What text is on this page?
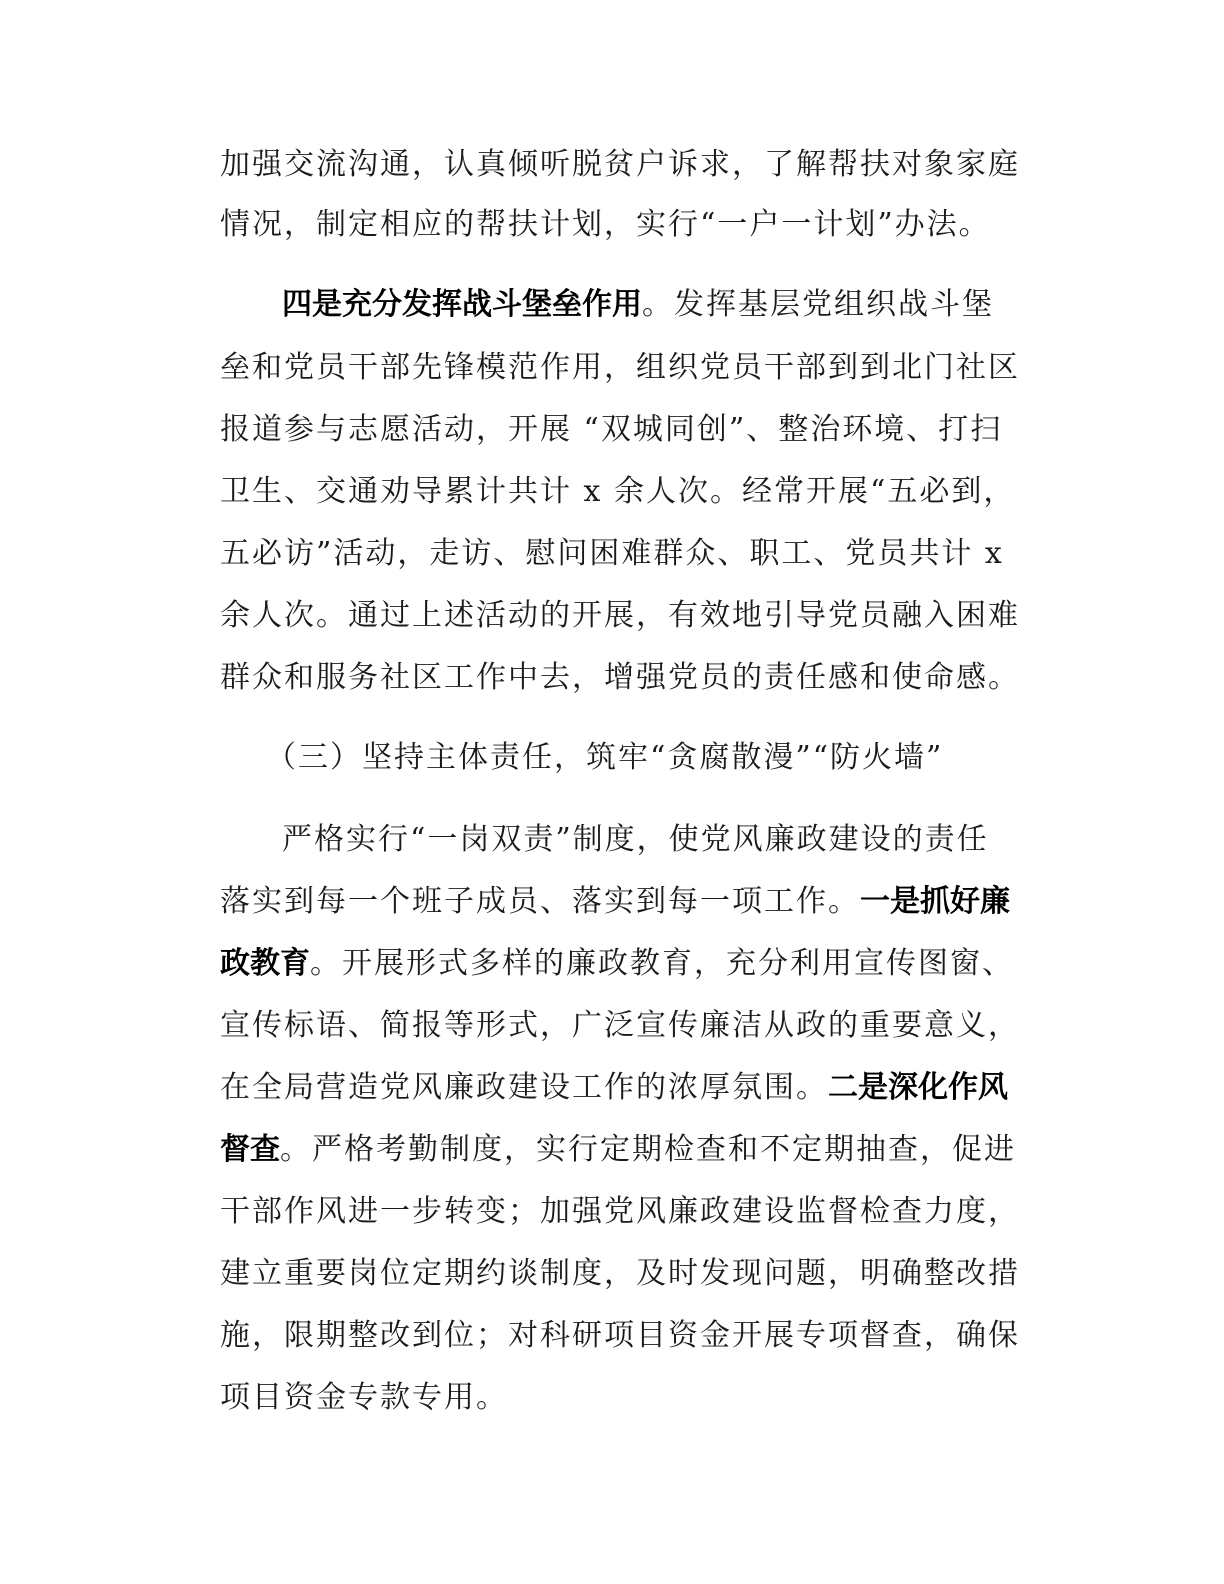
加强交流沟通，认真倾听脱贫户诉求，了解帮扶对象家庭
情况，制定相应的帮扶计划，实行“一户一计划”办法。
四是充分发挥战斗堡垒作用。发挥基层党组织战斗堡
垒和党员干部先锋模范作用，组织党员干部到到北门社区
报道参与志愿活动，开展 “双城同创”、整治环境、打扫
卫生、交通劝导累计共计 x 余人次。经常开展“五必到，
五必访”活动，走访、慰问困难群众、职工、党员共计 x
余人次。通过上述活动的开展，有效地引导党员融入困难
群众和服务社区工作中去，增强党员的责任感和使命感。
（三）坚持主体责任，筑牢“贪腐散漫”“防火墙”
严格实行“一岗双责”制度，使党风廉政建设的责任
落实到每一个班子成员、落实到每一项工作。一是抓好廉
政教育。开展形式多样的廉政教育，充分利用宣传图窗、
宣传标语、简报等形式，广泛宣传廉洁从政的重要意义，
在全局营造党风廉政建设工作的浓厚氛围。二是深化作风
督查。严格考勤制度，实行定期检查和不定期抽查，促进
干部作风进一步转变；加强党风廉政建设监督检查力度，
建立重要岗位定期约谈制度，及时发现问题，明确整改措
施，限期整改到位；对科研项目资金开展专项督查，确保
项目资金专款专用。
